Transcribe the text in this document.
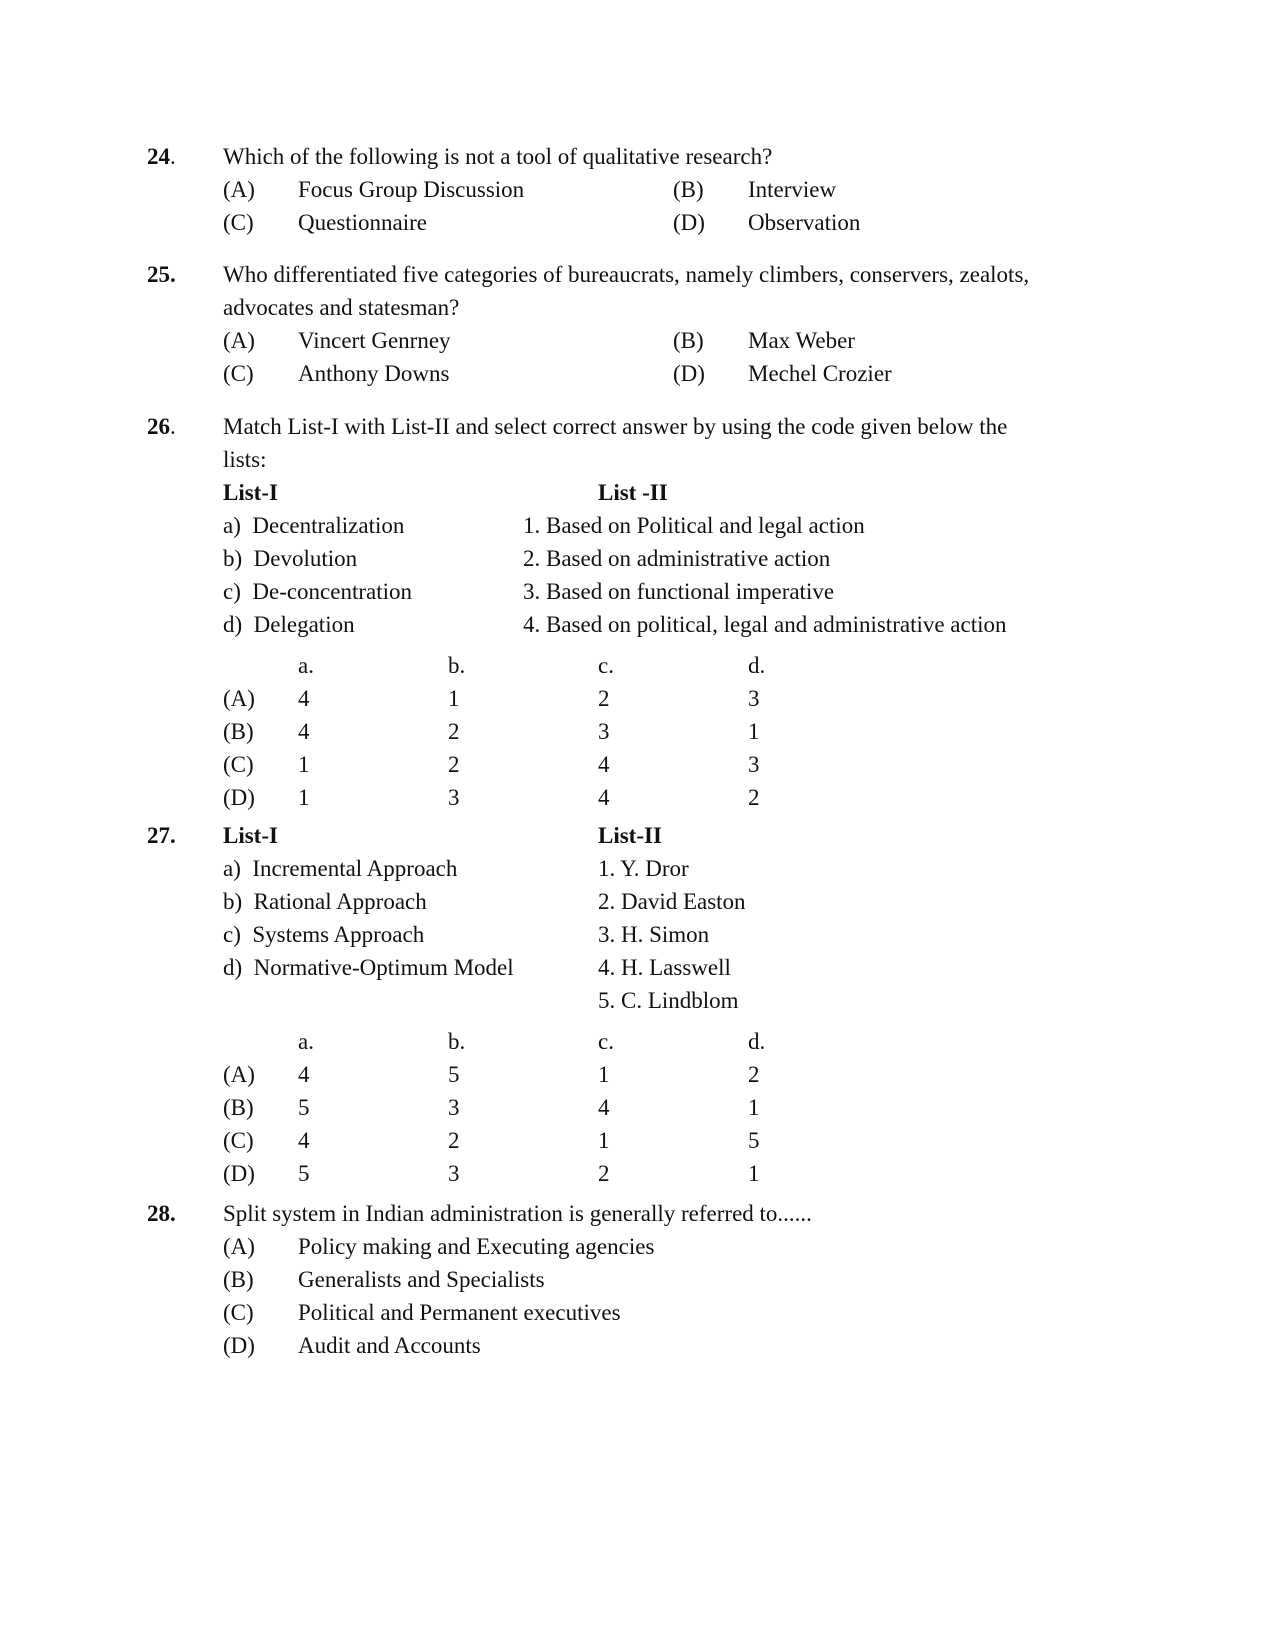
24.	Which of the following is not a tool of qualitative research?
(A) Focus Group Discussion	(B) Interview
(C) Questionnaire	(D) Observation
25.	Who differentiated five categories of bureaucrats, namely climbers, conservers, zealots,
advocates and statesman?
(A) Vincert Genrney	(B) Max Weber
(C) Anthony Downs	(D) Mechel Crozier
26.	Match List-I with List-II and select correct answer by using the code given below the
lists:
List-I	List -II
a) Decentralization	1. Based on Political and legal action
b) Devolution	2. Based on administrative action
c) De-concentration	3. Based on functional imperative
d) Delegation	4. Based on political, legal and administrative action
a.	b.	c.	d.
(A) 4	1	2	3
(B) 4	2	3	1
(C) 1	2	4	3
(D) 1	3	4	2
27.	List-I	List-II
a)  Incremental Approach	1. Y. Dror
b)  Rational Approach	2. David Easton
c)  Systems Approach	3. H. Simon
d)  Normative-Optimum Model	4. H. Lasswell
5. C. Lindblom
a.	b.	c.	d.
(A) 4	5	1	2
(B) 5	3	4	1
(C) 4	2	1	5
(D) 5	3	2	1
28.	Split system in Indian administration is generally referred to......
(A) Policy making and Executing agencies
(B) Generalists and Specialists
(C) Political and Permanent executives
(D) Audit and Accounts
